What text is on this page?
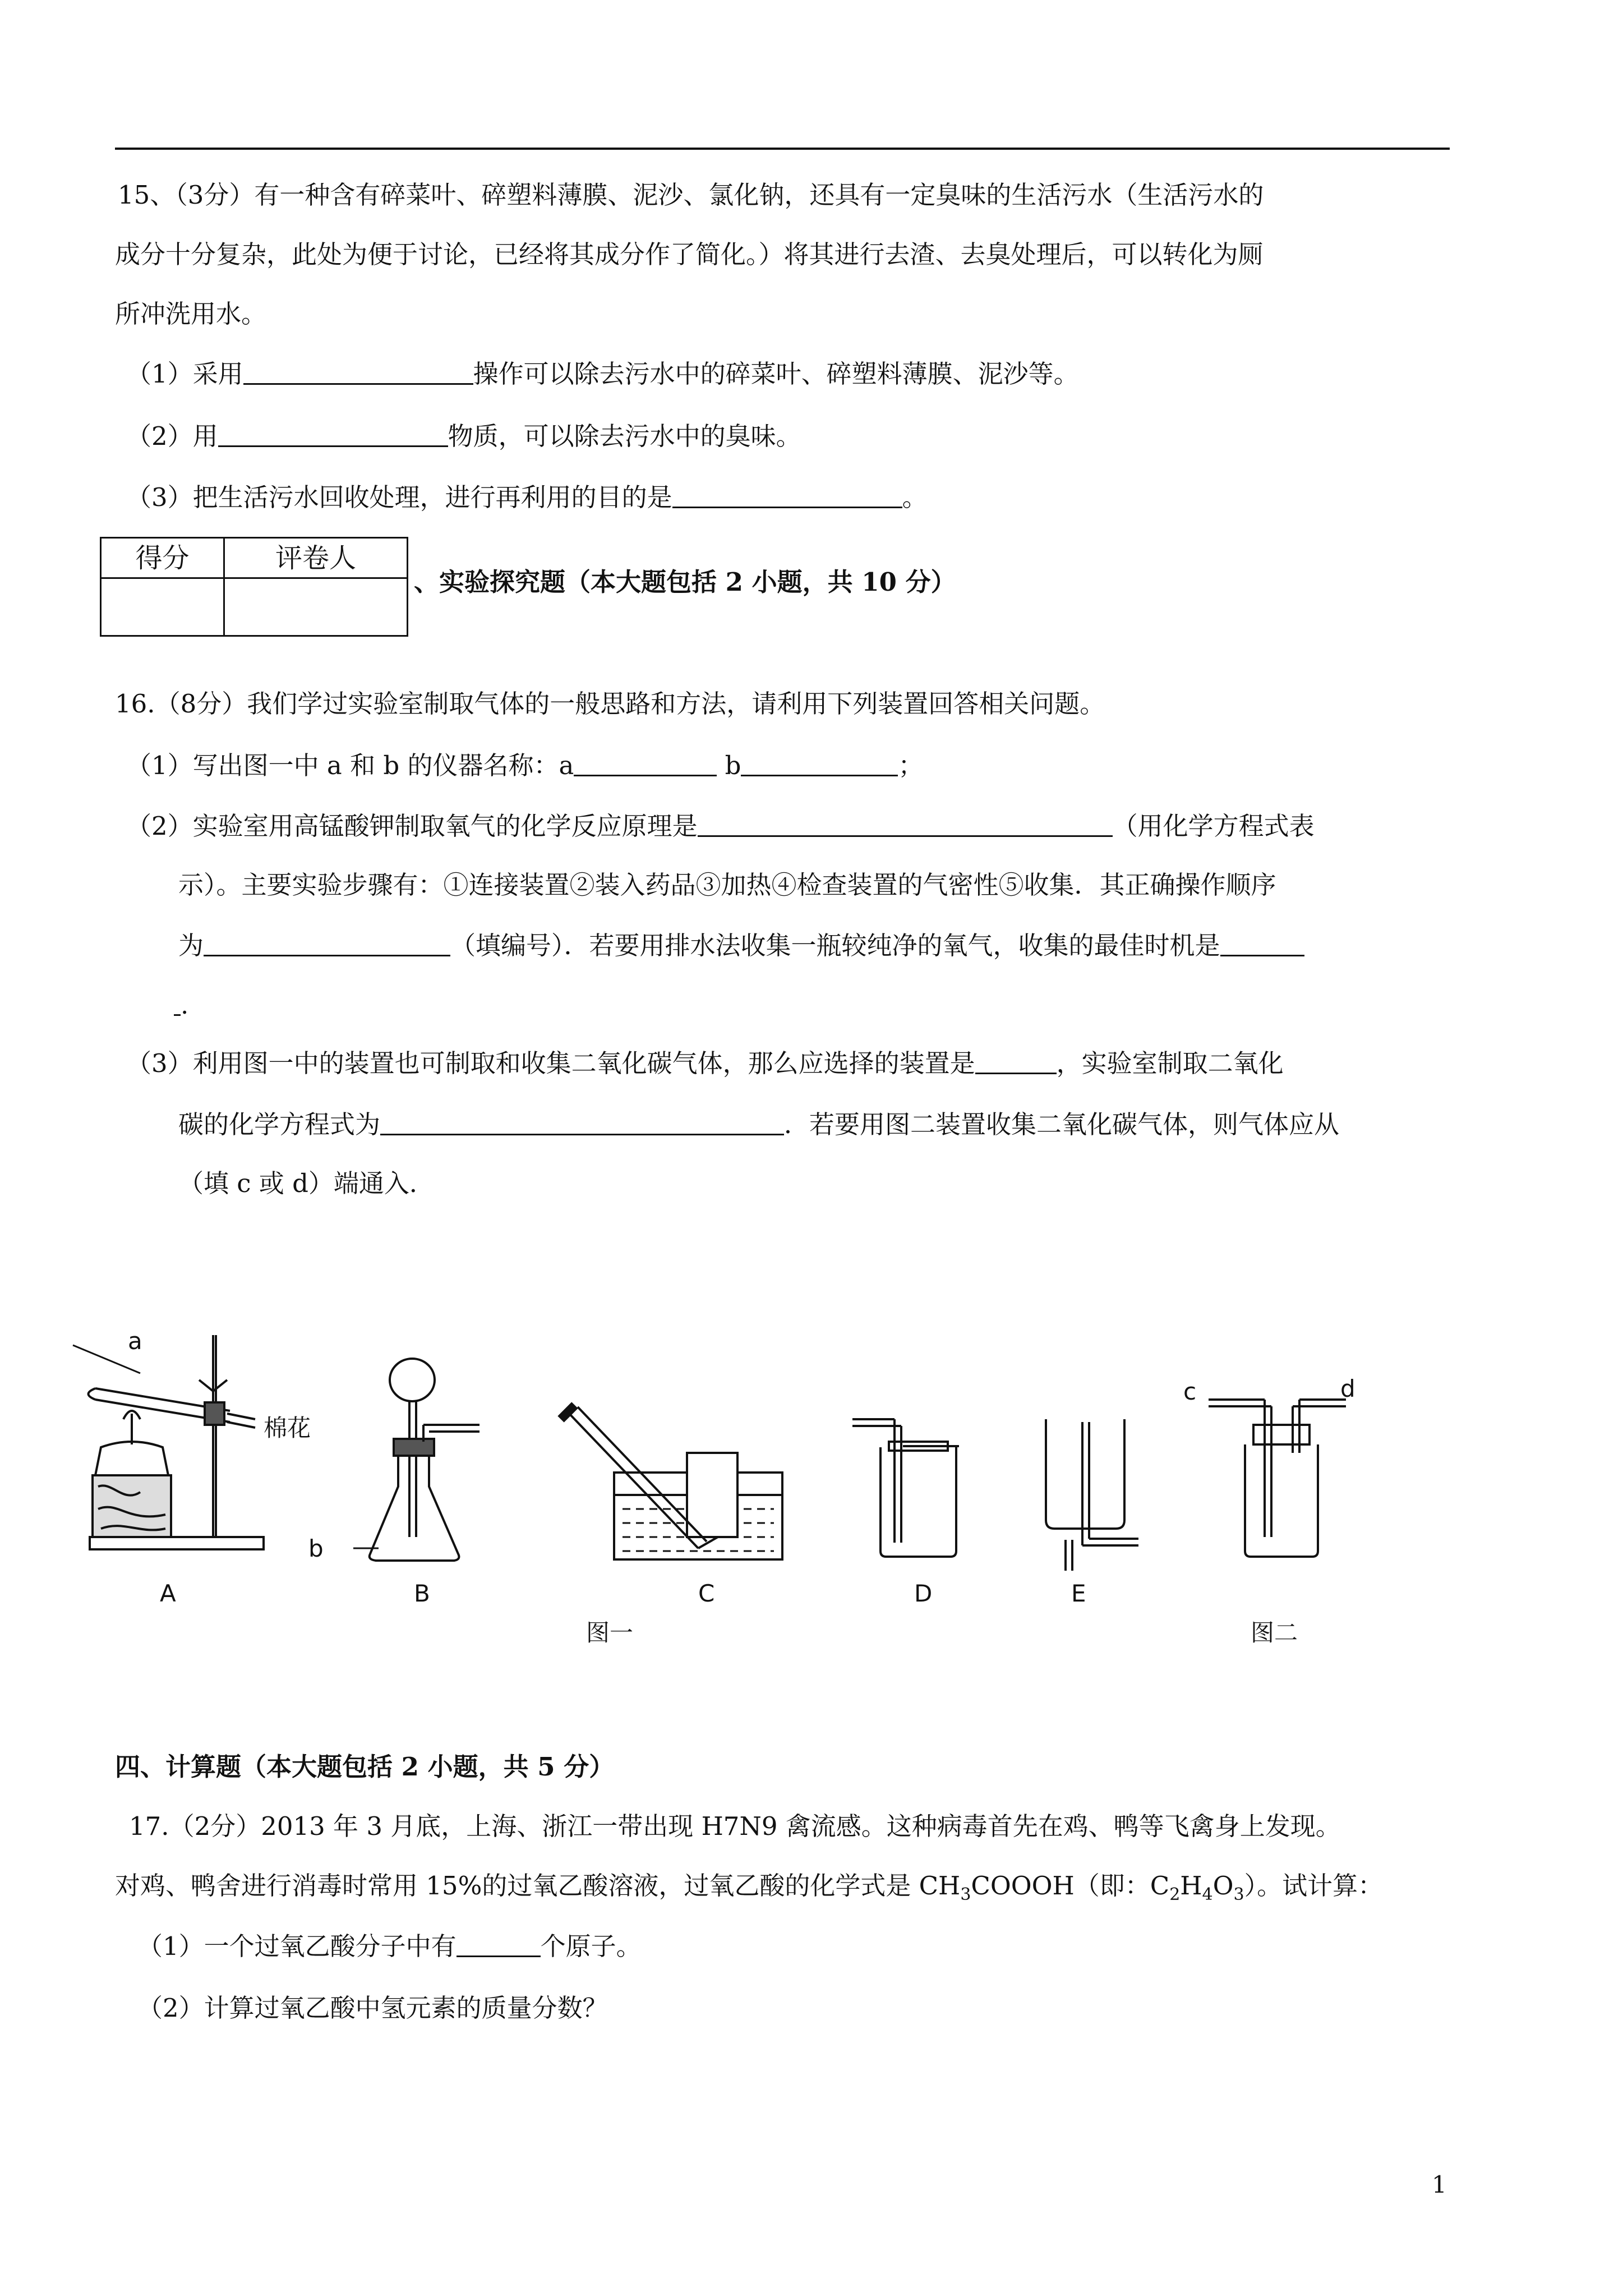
15、（3分）有一种含有碎菜叶、碎塑料薄膜、泥沙、氯化钠，还具有一定臭味的生活污水（生活污水的
成分十分复杂，此处为便于讨论，已经将其成分作了简化。）将其进行去渣、去臭处理后，可以转化为厕
所冲洗用水。
（1）采用	操作可以除去污水中的碎菜叶、碎塑料薄膜、泥沙等。
（2）用	物质，可以除去污水中的臭味。
（3）把生活污水回收处理，进行再利用的目的是	。
得分	评卷人
、实验探究题（本大题包括 2 小题，共 10 分）
16.（8分）我们学过实验室制取气体的一般思路和方法，请利用下列装置回答相关问题。
（1）写出图一中 a 和 b 的仪器名称：a	b	；
（2）实验室用高锰酸钾制取氧气的化学反应原理是	（用化学方程式表
示）。主要实验步骤有：①连接装置②装入药品③加热④检查装置的气密性⑤收集．其正确操作顺序
为	（填编号）．若要用排水法收集一瓶较纯净的氧气，收集的最佳时机是
.
（3）利用图一中的装置也可制取和收集二氧化碳气体，那么应选择的装置是	，实验室制取二氧化
碳的化学方程式为	．若要用图二装置收集二氧化碳气体，则气体应从
（填 c 或 d）端通入．
a
b
棉花
c	d
A	B	C	D	E
图一	图二
四、计算题（本大题包括 2 小题，共 5 分）
17.（2分）2013 年 3 月底，上海、浙江一带出现 H7N9 禽流感。这种病毒首先在鸡、鸭等飞禽身上发现。
对鸡、鸭舍进行消毒时常用 15%的过氧乙酸溶液，过氧乙酸的化学式是 $CH_3COOOH$（即：$C_2H_4O_3$）。试计算：
（1）一个过氧乙酸分子中有	个原子。
（2）计算过氧乙酸中氢元素的质量分数？
1
